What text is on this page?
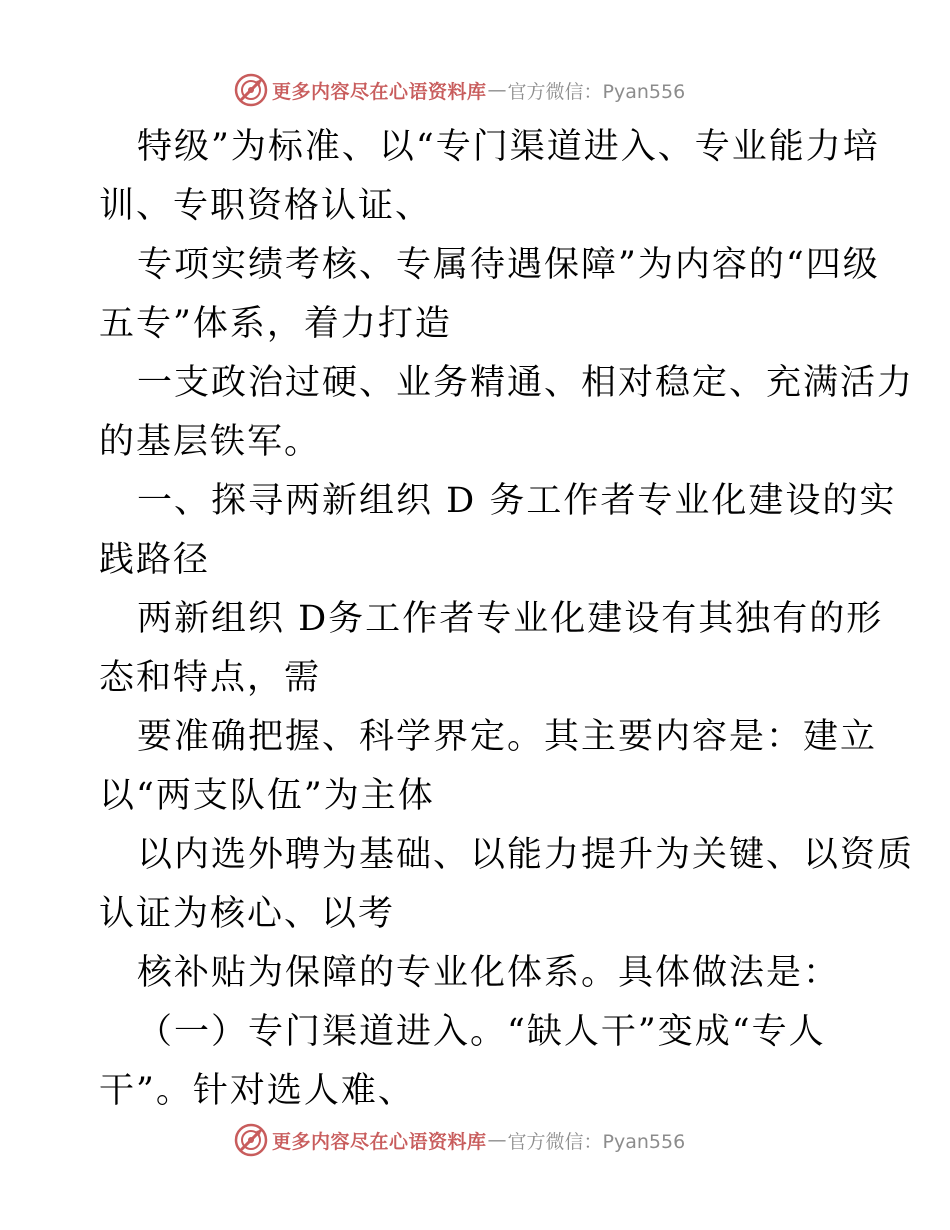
更多内容尽在心语资料库 — 官方微信：Pyan556
特级”为标准、以“专门渠道进入、专业能力培
训、专职资格认证、
专项实绩考核、专属待遇保障”为内容的“四级
五专”体系，着力打造
一支政治过硬、业务精通、相对稳定、充满活力
的基层铁军。
一、探寻两新组织 D 务工作者专业化建设的实
践路径
两新组织 D务工作者专业化建设有其独有的形
态和特点，需
要准确把握、科学界定。其主要内容是：建立
以“两支队伍”为主体
以内选外聘为基础、以能力提升为关键、以资质
认证为核心、以考
核补贴为保障的专业化体系。具体做法是：
（一）专门渠道进入。“缺人干”变成“专人
干”。针对选人难、
更多内容尽在心语资料库 — 官方微信：Pyan556
